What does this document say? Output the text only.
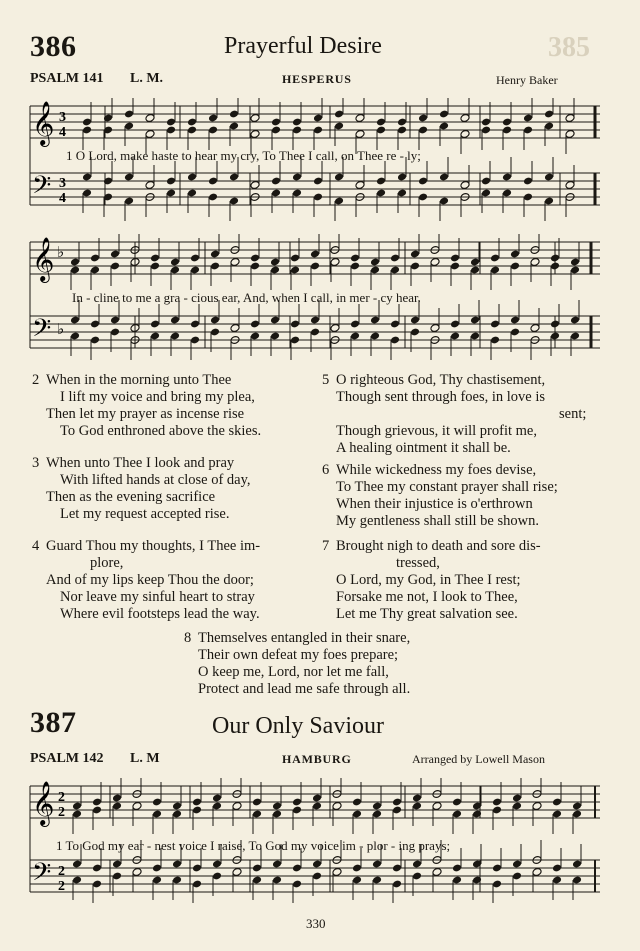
385
386	Prayerful Desire
PSALM 141 L. M.	HESPERUS	Henry Baker
𝄞
𝄢
3
4
3
4
1 O Lord, make haste to hear my cry, To Thee I call, on Thee re - ly;
𝄞
𝄢
♭
♭
In - cline to me a gra - cious ear, And, when I call, in mer - cy hear.
2 When in the morning unto Thee
I lift my voice and bring my plea,
Then let my prayer as incense rise
To God enthroned above the skies.
3 When unto Thee I look and pray
With lifted hands at close of day,
Then as the evening sacrifice
Let my request accepted rise.
4 Guard Thou my thoughts, I Thee im-
plore,
And of my lips keep Thou the door;
Nor leave my sinful heart to stray
Where evil footsteps lead the way.
5 O righteous God, Thy chastisement,
Though sent through foes, in love is
sent;
Though grievous, it will profit me,
A healing ointment it shall be.
6 While wickedness my foes devise,
To Thee my constant prayer shall rise;
When their injustice is o'erthrown
My gentleness shall still be shown.
7 Brought nigh to death and sore dis-
tressed,
O Lord, my God, in Thee I rest;
Forsake me not, I look to Thee,
Let me Thy great salvation see.
8 Themselves entangled in their snare,
Their own defeat my foes prepare;
O keep me, Lord, nor let me fall,
Protect and lead me safe through all.
387	Our Only Saviour
PSALM 142 L. M	HAMBURG	Arranged by Lowell Mason
𝄞
𝄢
2
2
2
2
1 To God my ear - nest voice I raise, To God my voice im - plor - ing prays;
330
